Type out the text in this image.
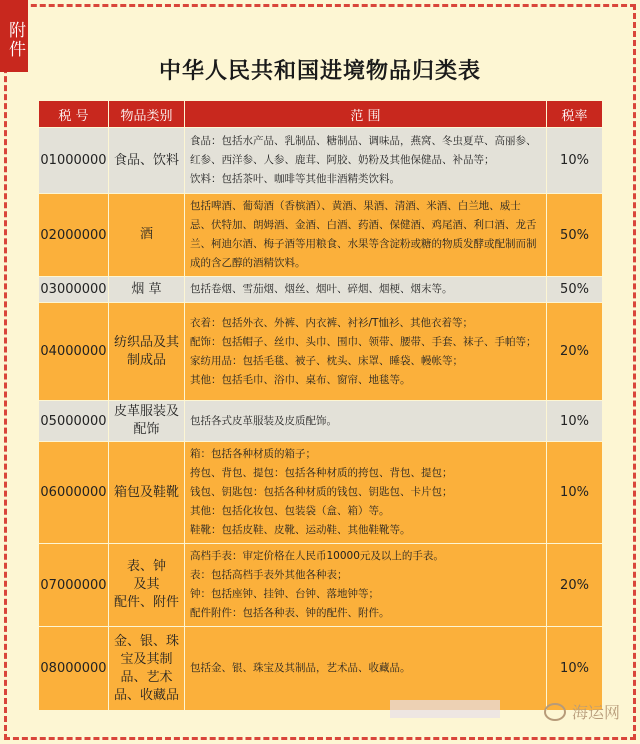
附件
中华人民共和国进境物品归类表
税 号	物品类别	范 围	税率
01000000	食品、饮料	食品：包括水产品、乳制品、糖制品、调味品，燕窝、冬虫夏草、高丽参、红参、西洋参、人参、鹿茸、阿胶、奶粉及其他保健品、补品等；
饮料：包括茶叶、咖啡等其他非酒精类饮料。	10%
02000000	酒	包括啤酒、葡萄酒（香槟酒）、黄酒、果酒、清酒、米酒、白兰地、威士忌、伏特加、朗姆酒、金酒、白酒、药酒、保健酒、鸡尾酒、利口酒、龙舌兰、柯迪尔酒、梅子酒等用粮食、水果等含淀粉或糖的物质发酵或配制而制成的含乙醇的酒精饮料。	50%
03000000	烟 草	包括卷烟、雪茄烟、烟丝、烟叶、碎烟、烟梗、烟末等。	50%
04000000	纺织品及其制成品	衣着：包括外衣、外裤、内衣裤、衬衫/T恤衫、其他衣着等；
配饰：包括帽子、丝巾、头巾、围巾、领带、腰带、手套、袜子、手帕等；
家纺用品：包括毛毯、被子、枕头、床罩、睡袋、幔帐等；
其他：包括毛巾、浴巾、桌布、窗帘、地毯等。	20%
05000000	皮革服装及配饰	包括各式皮革服装及皮质配饰。	10%
06000000	箱包及鞋靴	箱：包括各种材质的箱子；
挎包、背包、提包：包括各种材质的挎包、背包、提包；
钱包、钥匙包：包括各种材质的钱包、钥匙包、卡片包；
其他：包括化妆包、包装袋（盒、箱）等。
鞋靴：包括皮鞋、皮靴、运动鞋、其他鞋靴等。	10%
07000000	表、钟
及其
配件、附件	高档手表：审定价格在人民币10000元及以上的手表。
表：包括高档手表外其他各种表；
钟：包括座钟、挂钟、台钟、落地钟等；
配件附件：包括各种表、钟的配件、附件。	20%
08000000	金、银、珠宝及其制品、艺术品、收藏品	包括金、银、珠宝及其制品，艺术品、收藏品。	10%
海运网
